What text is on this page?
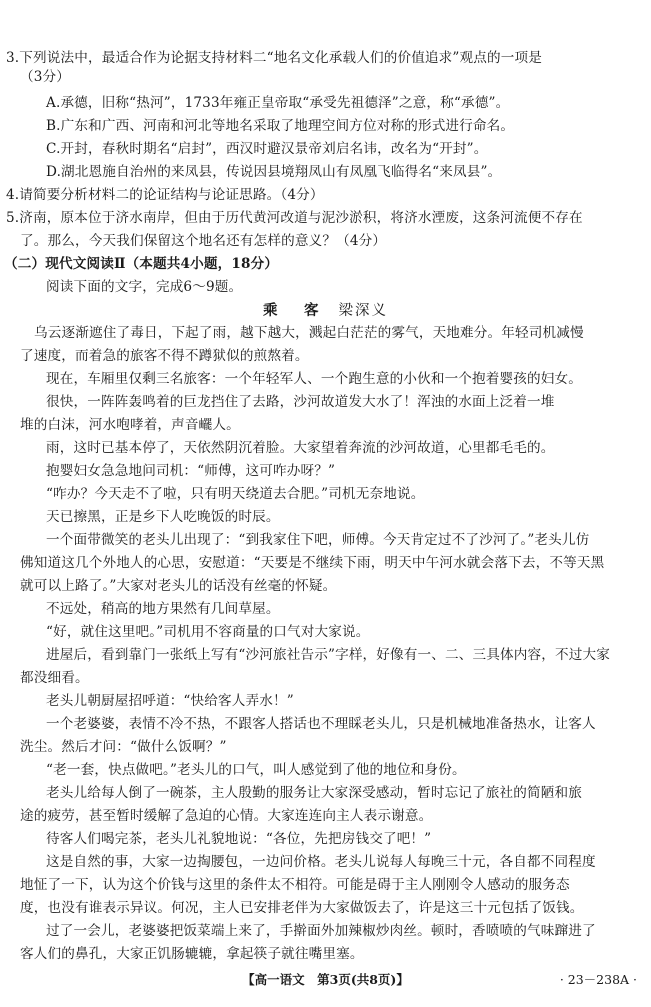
3.下列说法中，最适合作为论据支持材料二“地名文化承载人们的价值追求”观点的一项是
（3分）
A.承德，旧称“热河”，1733年雍正皇帝取“承受先祖德泽”之意，称“承德”。
B.广东和广西、河南和河北等地名采取了地理空间方位对称的形式进行命名。
C.开封，春秋时期名“启封”，西汉时避汉景帝刘启名讳，改名为“开封”。
D.湖北恩施自治州的来凤县，传说因县境翔凤山有凤凰飞临得名“来凤县”。
4.请简要分析材料二的论证结构与论证思路。（4分）
5.济南，原本位于济水南岸，但由于历代黄河改道与泥沙淤积，将济水湮废，这条河流便不存在
了。那么，今天我们保留这个地名还有怎样的意义？（4分）
（二）现代文阅读Ⅱ（本题共4小题，18分）
阅读下面的文字，完成6～9题。
乘　客 梁深义
乌云逐渐遮住了毒日，下起了雨，越下越大，溅起白茫茫的雾气，天地难分。年轻司机减慢
了速度，而着急的旅客不得不蹲狱似的煎熬着。
现在，车厢里仅剩三名旅客：一个年轻军人、一个跑生意的小伙和一个抱着婴孩的妇女。
很快，一阵阵轰鸣着的巨龙挡住了去路，沙河故道发大水了！浑浊的水面上泛着一堆
堆的白沫，河水咆哮着，声音𤳸人。
雨，这时已基本停了，天依然阴沉着脸。大家望着奔流的沙河故道，心里都毛毛的。
抱婴妇女急急地问司机：“师傅，这可咋办呀？”
“咋办？今天走不了啦，只有明天绕道去合肥。”司机无奈地说。
天已擦黑，正是乡下人吃晚饭的时辰。
一个面带微笑的老头儿出现了：“到我家住下吧，师傅。今天肯定过不了沙河了。”老头儿仿
佛知道这几个外地人的心思，安慰道：“天要是不继续下雨，明天中午河水就会落下去，不等天黑
就可以上路了。”大家对老头儿的话没有丝毫的怀疑。
不远处，稍高的地方果然有几间草屋。
“好，就住这里吧。”司机用不容商量的口气对大家说。
进屋后，看到靠门一张纸上写有“沙河旅社告示”字样，好像有一、二、三具体内容，不过大家
都没细看。
老头儿朝厨屋招呼道：“快给客人弄水！”
一个老婆婆，表情不冷不热，不跟客人搭话也不理睬老头儿，只是机械地准备热水，让客人
洗尘。然后才问：“做什么饭啊？”
“老一套，快点做吧。”老头儿的口气，叫人感觉到了他的地位和身份。
老头儿给每人倒了一碗茶，主人殷勤的服务让大家深受感动，暂时忘记了旅社的简陋和旅
途的疲劳，甚至暂时缓解了急迫的心情。大家连连向主人表示谢意。
待客人们喝完茶，老头儿礼貌地说：“各位，先把房钱交了吧！”
这是自然的事，大家一边掏腰包，一边问价格。老头儿说每人每晚三十元，各自都不同程度
地怔了一下，认为这个价钱与这里的条件太不相符。可能是碍于主人刚刚令人感动的服务态
度，也没有谁表示异议。何况，主人已安排老伴为大家做饭去了，许是这三十元包括了饭钱。
过了一会儿，老婆婆把饭菜端上来了，手擀面外加辣椒炒肉丝。顿时，香喷喷的气味蹿进了
客人们的鼻孔，大家正饥肠辘辘，拿起筷子就往嘴里塞。
【高一语文　第3页(共8页)】	· 23－238A ·
